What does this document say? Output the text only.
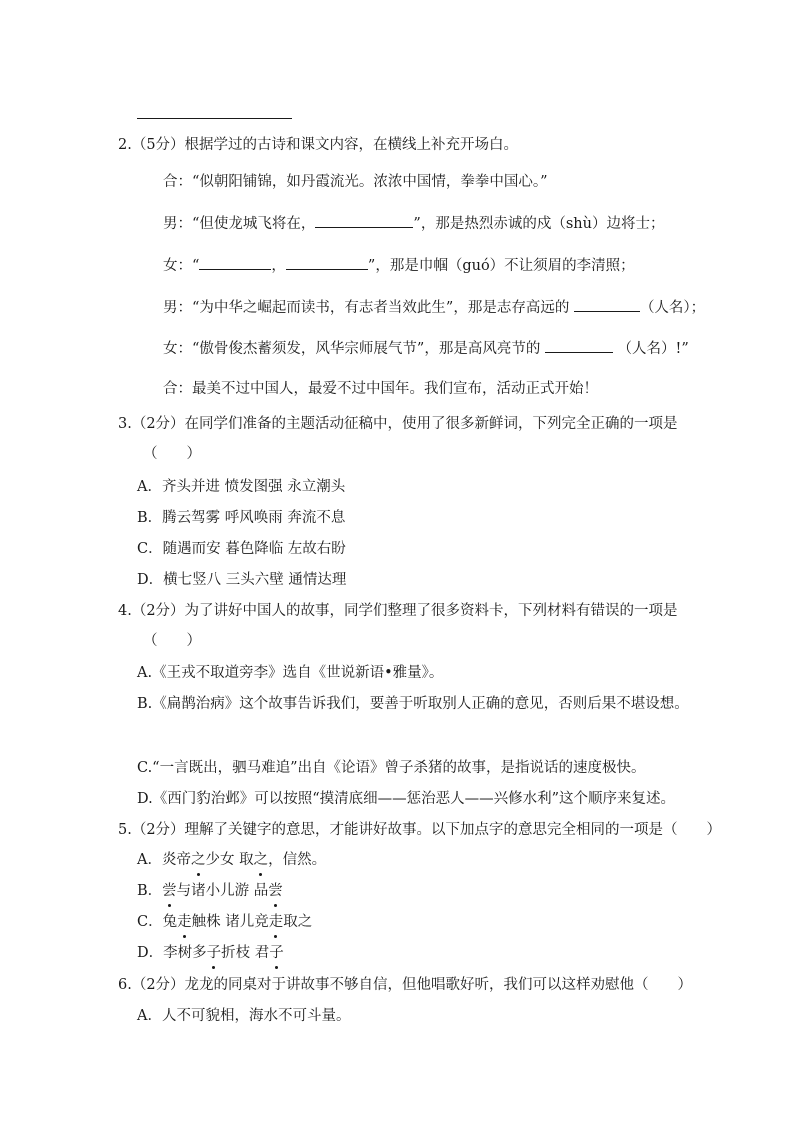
2.（5分）根据学过的古诗和课文内容，在横线上补充开场白。
合：“似朝阳铺锦，如丹霞流光。浓浓中国情，拳拳中国心。”
男：“但使龙城飞将在，	”，那是热烈赤诚的戍（shù）边将士；
女：“	，	”，那是巾帼（guó）不让须眉的李清照；
男：“为中华之崛起而读书，有志者当效此生”，那是志存高远的	（人名）；
女：“傲骨俊杰蓄须发，风华宗师展气节”，那是高风亮节的	（人名）!”
合：最美不过中国人，最爱不过中国年。我们宣布，活动正式开始！
3.（2分）在同学们准备的主题活动征稿中，使用了很多新鲜词，下列完全正确的一项是
（　　）
A．齐头并进 愤发图强 永立潮头
B．腾云驾雾 呼风唤雨 奔流不息
C．随遇而安 暮色降临 左故右盼
D．横七竖八 三头六壁 通情达理
4.（2分）为了讲好中国人的故事，同学们整理了很多资料卡，下列材料有错误的一项是
（　　）
A.《王戎不取道旁李》选自《世说新语•雅量》。
B.《扁鹊治病》这个故事告诉我们，要善于听取别人正确的意见，否则后果不堪设想。
C.“一言既出，驷马难追”出自《论语》曾子杀猪的故事，是指说话的速度极快。
D.《西门豹治邺》可以按照“摸清底细——惩治恶人——兴修水利”这个顺序来复述。
5.（2分）理解了关键字的意思，才能讲好故事。以下加点字的意思完全相同的一项是（　　）
A．炎帝之少女 取之，信然。
B．尝与诸小儿游 品尝
C．兔走触株 诸儿竞走取之
D．李树多子折枝 君子
6.（2分）龙龙的同桌对于讲故事不够自信，但他唱歌好听，我们可以这样劝慰他（　　）
A．人不可貌相，海水不可斗量。
